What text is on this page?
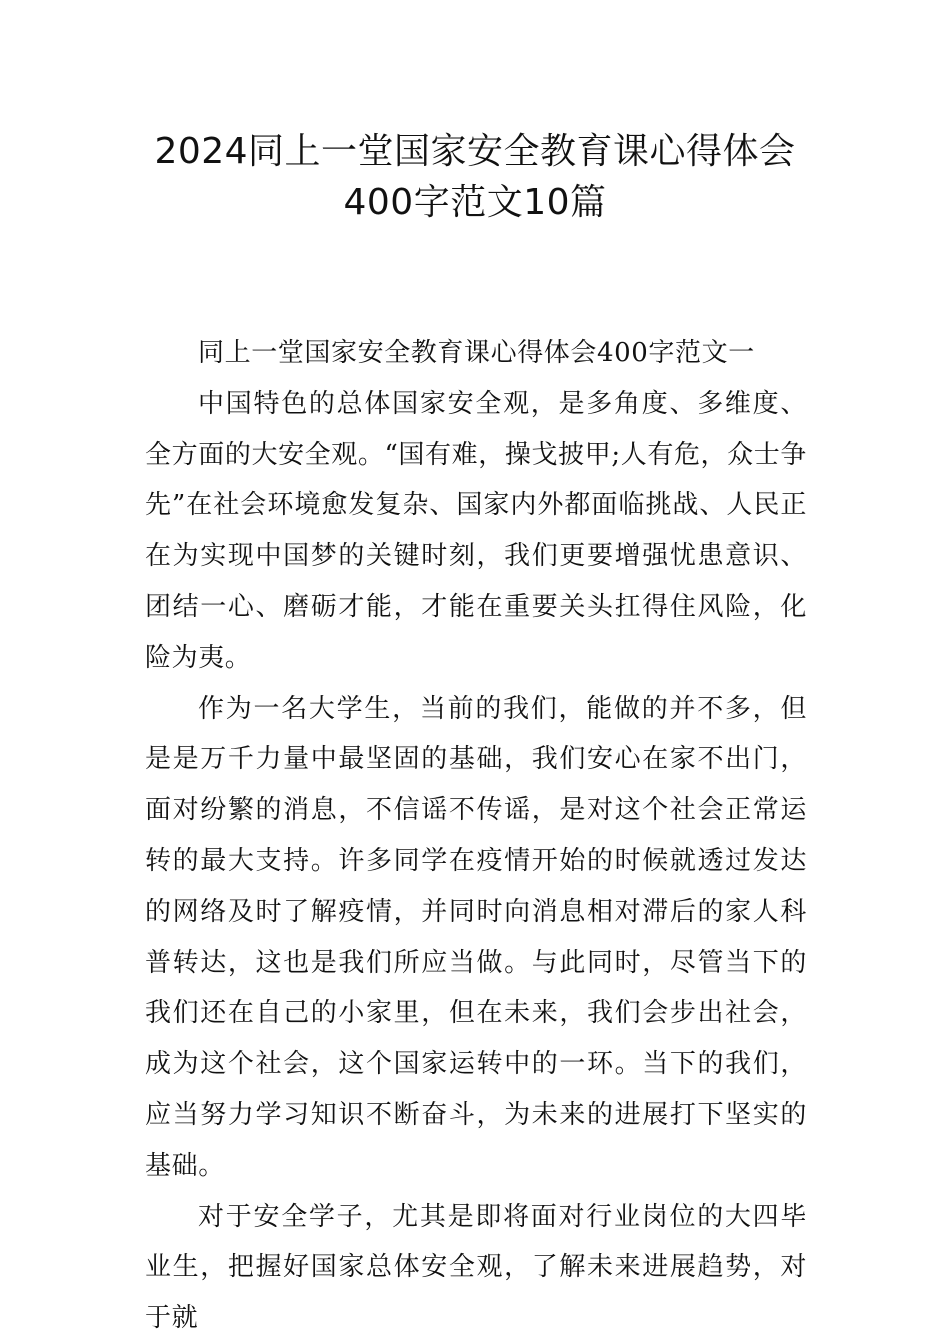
2024同上一堂国家安全教育课心得体会
400字范文10篇

同上一堂国家安全教育课心得体会400字范文一

中国特色的总体国家安全观，是多角度、多维度、全方面的大安全观。“国有难，操戈披甲;人有危，众士争先”在社会环境愈发复杂、国家内外都面临挑战、人民正在为实现中国梦的关键时刻，我们更要增强忧患意识、团结一心、磨砺才能，才能在重要关头扛得住风险，化险为夷。

作为一名大学生，当前的我们，能做的并不多，但是是万千力量中最坚固的基础，我们安心在家不出门，面对纷繁的消息，不信谣不传谣，是对这个社会正常运转的最大支持。许多同学在疫情开始的时候就透过发达的网络及时了解疫情，并同时向消息相对滞后的家人科普转达，这也是我们所应当做。与此同时，尽管当下的我们还在自己的小家里，但在未来，我们会步出社会，成为这个社会，这个国家运转中的一环。当下的我们，应当努力学习知识不断奋斗，为未来的进展打下坚实的基础。

对于安全学子，尤其是即将面对行业岗位的大四毕业生，把握好国家总体安全观，了解未来进展趋势，对于就
